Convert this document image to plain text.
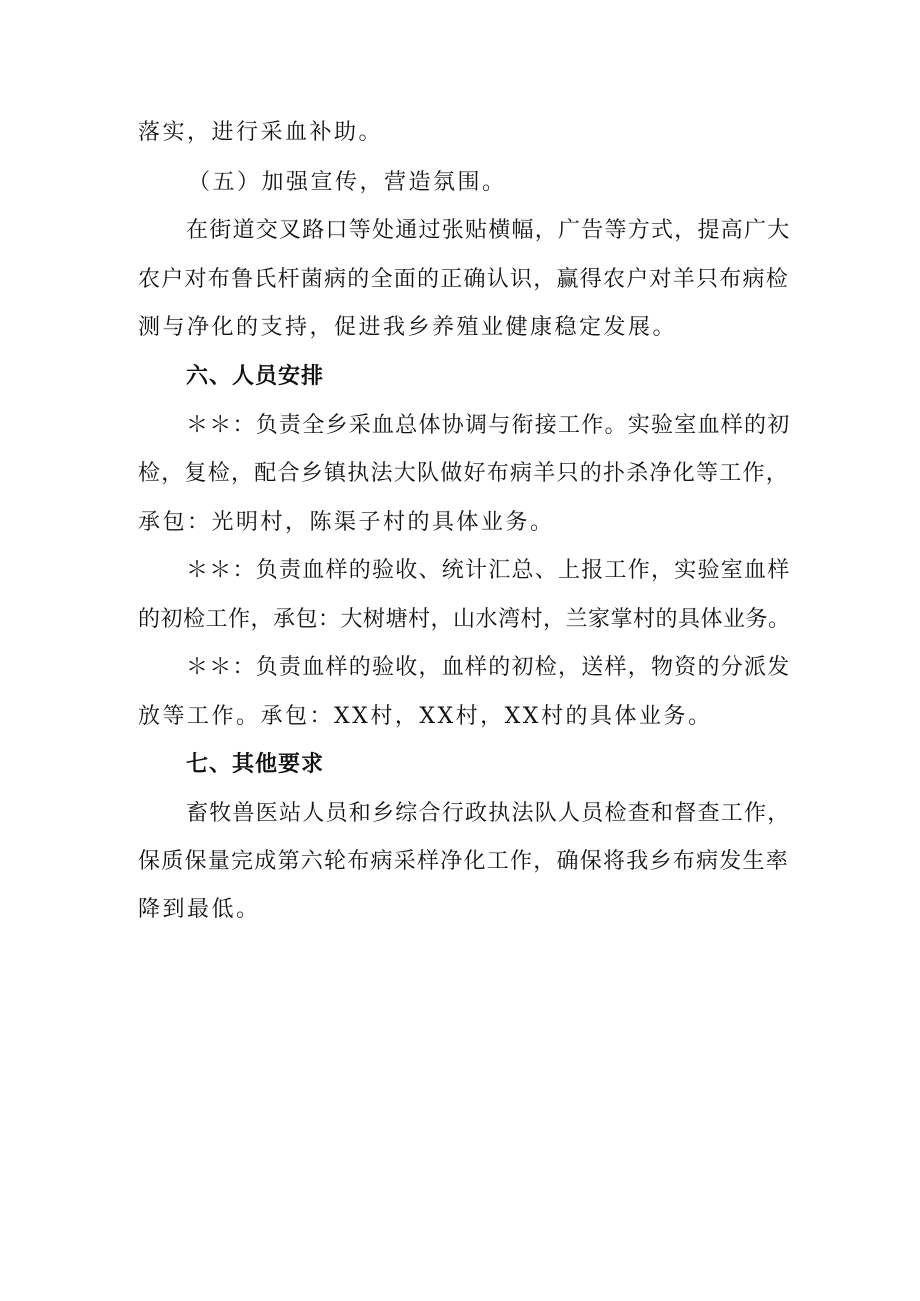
落实，进行采血补助。
（五）加强宣传，营造氛围。
在街道交叉路口等处通过张贴横幅，广告等方式，提高广大
农户对布鲁氏杆菌病的全面的正确认识，赢得农户对羊只布病检
测与净化的支持，促进我乡养殖业健康稳定发展。
六、人员安排
＊＊：负责全乡采血总体协调与衔接工作。实验室血样的初
检，复检，配合乡镇执法大队做好布病羊只的扑杀净化等工作，
承包：光明村，陈渠子村的具体业务。
＊＊：负责血样的验收、统计汇总、上报工作，实验室血样
的初检工作，承包：大树塘村，山水湾村，兰家掌村的具体业务。
＊＊：负责血样的验收，血样的初检，送样，物资的分派发
放等工作。承包：XX村，XX村，XX村的具体业务。
七、其他要求
畜牧兽医站人员和乡综合行政执法队人员检查和督查工作，
保质保量完成第六轮布病采样净化工作，确保将我乡布病发生率
降到最低。
